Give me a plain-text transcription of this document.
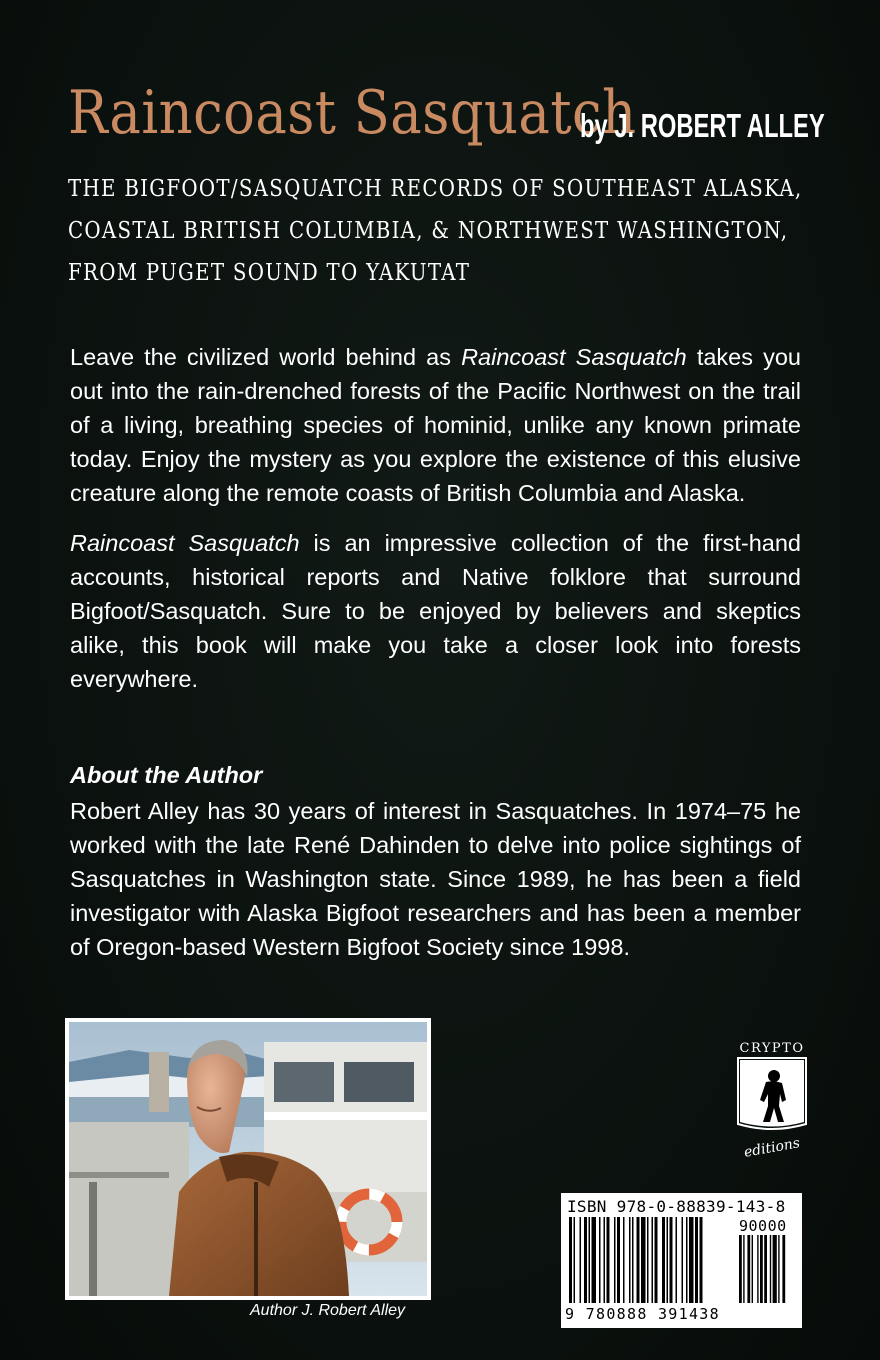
Raincoast Sasquatch
by J. ROBERT ALLEY
THE BIGFOOT/SASQUATCH RECORDS OF SOUTHEAST ALASKA,
COASTAL BRITISH COLUMBIA, & NORTHWEST WASHINGTON,
FROM PUGET SOUND TO YAKUTAT

Leave the civilized world behind as Raincoast Sasquatch takes you out into the rain-drenched forests of the Pacific Northwest on the trail of a living, breathing species of hominid, unlike any known primate today. Enjoy the mystery as you explore the existence of this elusive creature along the remote coasts of British Columbia and Alaska.

Raincoast Sasquatch is an impressive collection of the first-hand accounts, historical reports and Native folklore that surround Bigfoot/Sasquatch. Sure to be enjoyed by believers and skeptics alike, this book will make you take a closer look into forests everywhere.

About the Author

Robert Alley has 30 years of interest in Sasquatches. In 1974–75 he worked with the late René Dahinden to delve into police sightings of Sasquatches in Washington state. Since 1989, he has been a field investigator with Alaska Bigfoot researchers and has been a member of Oregon-based Western Bigfoot Society since 1998.

Author J. Robert Alley
CRYPTO
editions
ISBN 978-0-88839-143-8
90000
9 780888 391438
